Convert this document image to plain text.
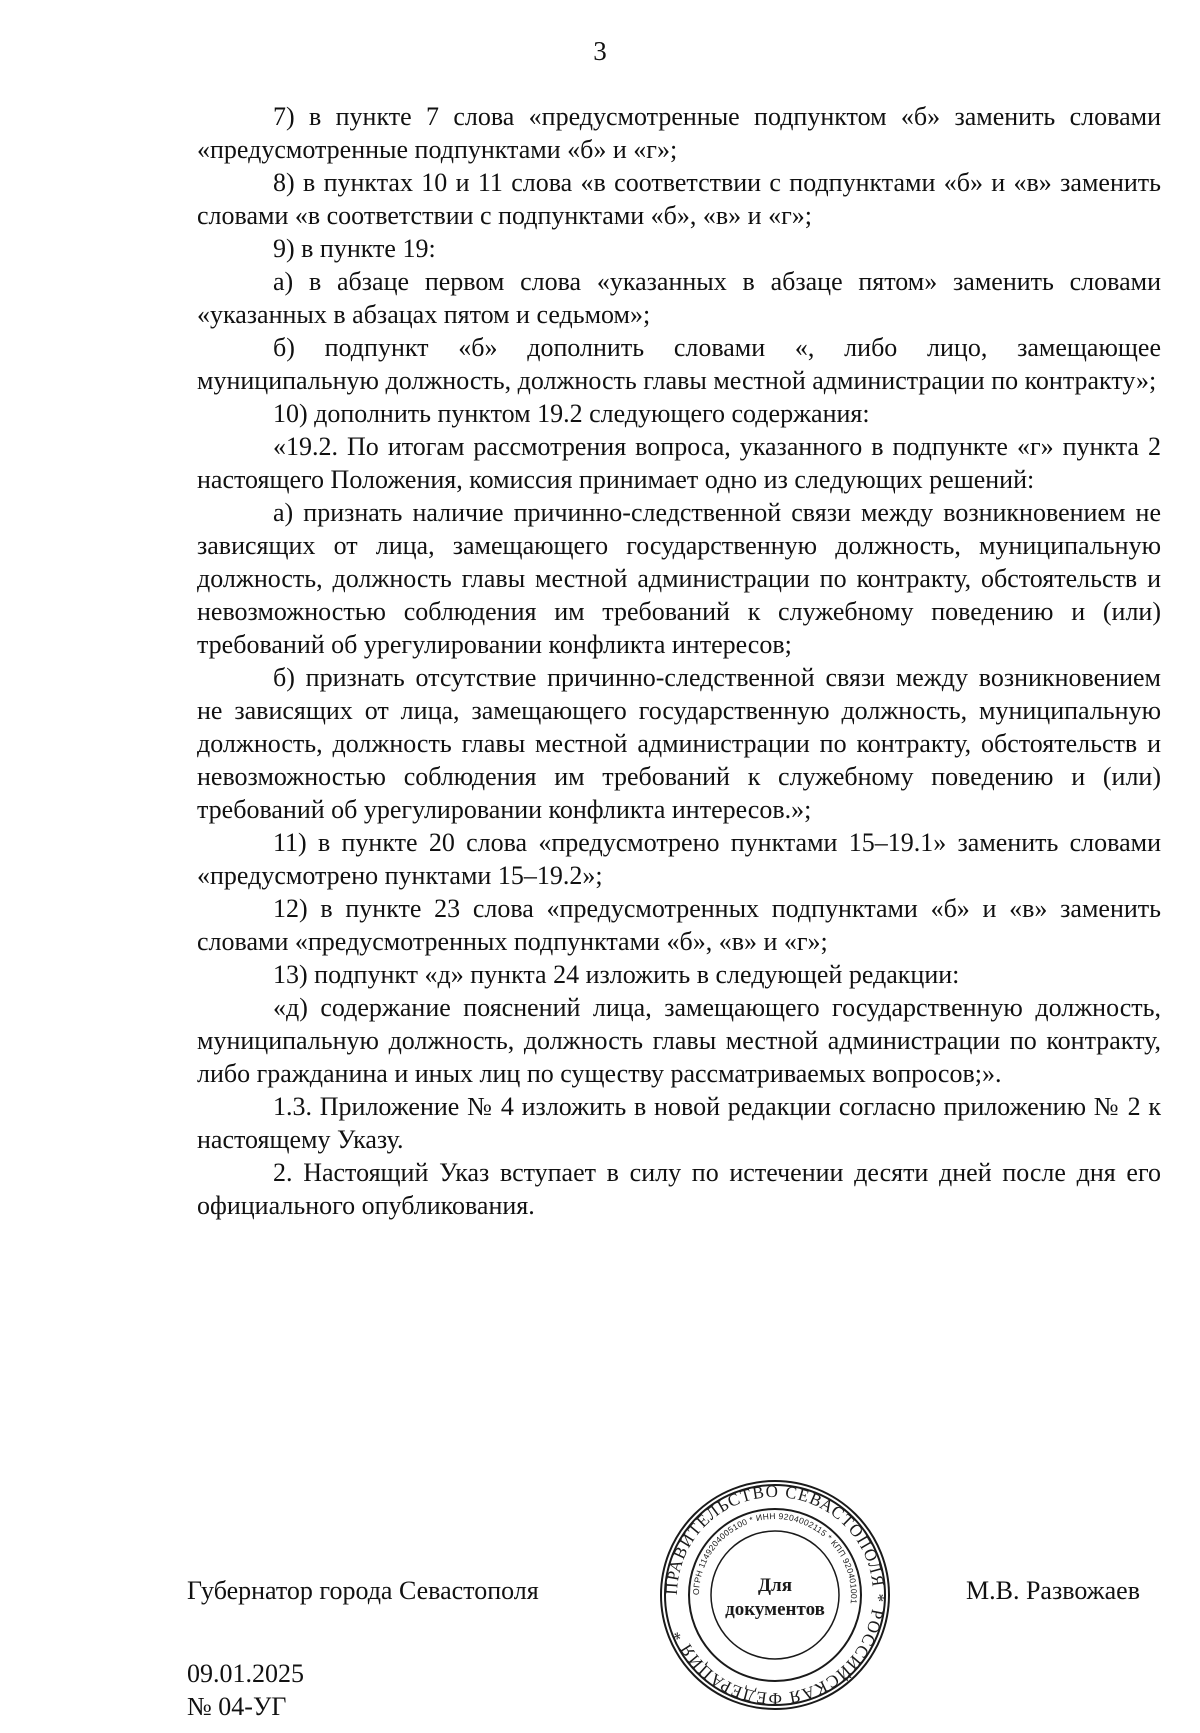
3

7) в пункте 7 слова «предусмотренные подпунктом «б» заменить словами «предусмотренные подпунктами «б» и «г»;

8) в пунктах 10 и 11 слова «в соответствии с подпунктами «б» и «в» заменить словами «в соответствии с подпунктами «б», «в» и «г»;

9) в пункте 19:

а) в абзаце первом слова «указанных в абзаце пятом» заменить словами «указанных в абзацах пятом и седьмом»;

б) подпункт «б» дополнить словами «, либо лицо, замещающее муниципальную должность, должность главы местной администрации по контракту»;

10) дополнить пунктом 19.2 следующего содержания:

«19.2. По итогам рассмотрения вопроса, указанного в подпункте «г» пункта 2 настоящего Положения, комиссия принимает одно из следующих решений:

а) признать наличие причинно-следственной связи между возникновением не зависящих от лица, замещающего государственную должность, муниципальную должность, должность главы местной администрации по контракту, обстоятельств и невозможностью соблюдения им требований к служебному поведению и (или) требований об урегулировании конфликта интересов;

б) признать отсутствие причинно-следственной связи между возникновением не зависящих от лица, замещающего государственную должность, муниципальную должность, должность главы местной администрации по контракту, обстоятельств и невозможностью соблюдения им требований к служебному поведению и (или) требований об урегулировании конфликта интересов.»;

11) в пункте 20 слова «предусмотрено пунктами 15–19.1» заменить словами «предусмотрено пунктами 15–19.2»;

12) в пункте 23 слова «предусмотренных подпунктами «б» и «в» заменить словами «предусмотренных подпунктами «б», «в» и «г»;

13) подпункт «д» пункта 24 изложить в следующей редакции:

«д) содержание пояснений лица, замещающего государственную должность, муниципальную должность, должность главы местной администрации по контракту, либо гражданина и иных лиц по существу рассматриваемых вопросов;».

1.3. Приложение № 4 изложить в новой редакции согласно приложению № 2 к настоящему Указу.

2. Настоящий Указ вступает в силу по истечении десяти дней после дня его официального опубликования.

Губернатор города Севастополя	М.В. Развожаев
ПРАВИТЕЛЬСТВО СЕВАСТОПОЛЯ * РОССИЙСКАЯ ФЕДЕРАЦИЯ *
ОГРН 1149204005100 * ИНН 9204002115 * КПП 920401001
Для
документов
09.01.2025
№ 04-УГ
